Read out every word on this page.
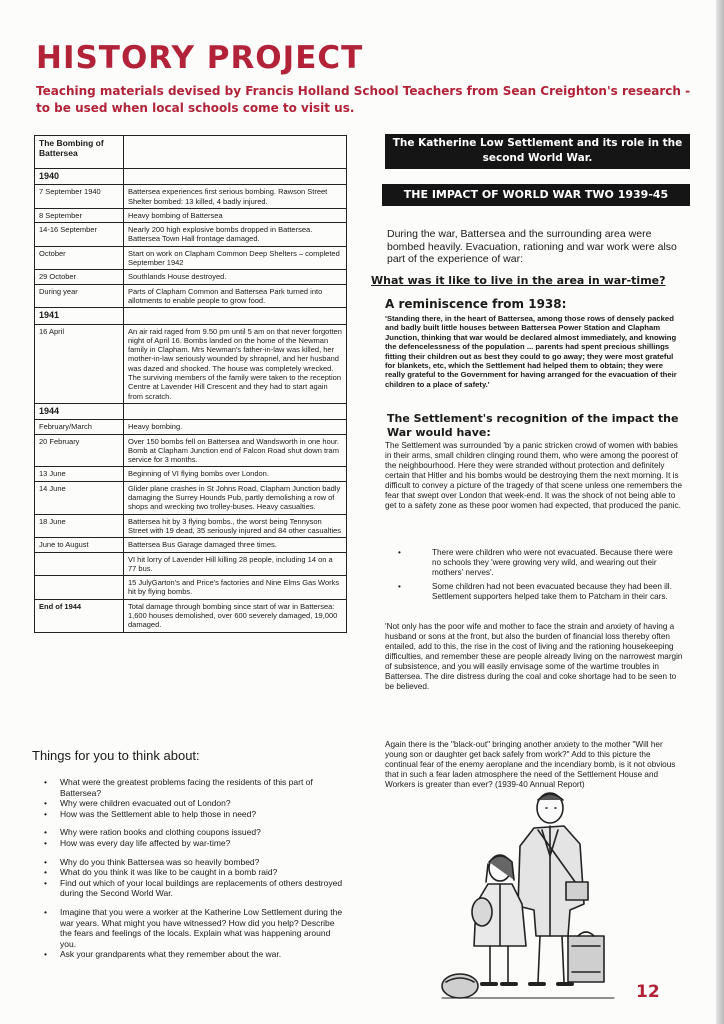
HISTORY PROJECT
Teaching materials devised by Francis Holland School Teachers from Sean Creighton's research - to be used when local schools come to visit us.
The Bombing of Battersea	
1940	
7 September 1940	Battersea experiences first serious bombing. Rawson Street Shelter bombed: 13 killed, 4 badly injured.
8 September	Heavy bombing of Battersea
14-16 September	Nearly 200 high explosive bombs dropped in Battersea. Battersea Town Hall frontage damaged.
October	Start on work on Clapham Common Deep Shelters – completed September 1942
29 October	Southlands House destroyed.
During year	Parts of Clapham Common and Battersea Park turned into allotments to enable people to grow food.
1941	
16 April	An air raid raged from 9.50 pm until 5 am on that never forgotten night of April 16. Bombs landed on the home of the Newman family in Clapham. Mrs Newman's father-in-law was killed, her mother-in-law seriously wounded by shrapnel, and her husband was dazed and shocked. The house was completely wrecked. The surviving members of the family were taken to the reception Centre at Lavender Hill Crescent and they had to start again from scratch.
1944	
February/March	Heavy bombing.
20 February	Over 150 bombs fell on Battersea and Wandsworth in one hour. Bomb at Clapham Junction end of Falcon Road shut down tram service for 3 months.
13 June	Beginning of VI flying bombs over London.
14 June	Glider plane crashes in St Johns Road, Clapham Junction badly damaging the Surrey Hounds Pub, partly demolishing a row of shops and wrecking two trolley-buses. Heavy casualties.
18 June	Battersea hit by 3 flying bombs., the worst being Tennyson Street with 19 dead, 35 seriously injured and 84 other casualties
June to August	Battersea Bus Garage damaged three times.
	VI hit lorry of Lavender Hill killing 28 people, including 14 on a 77 bus.
	15 JulyGarton's and Price's factories and Nine Elms Gas Works hit by flying bombs.
End of 1944	Total damage through bombing since start of war in Battersea: 1,600 houses demolished, over 600 severely damaged, 19,000 damaged.
Things for you to think about:
• What were the greatest problems facing the residents of this part of Battersea?
• Why were children evacuated out of London?
• How was the Settlement able to help those in need?
• Why were ration books and clothing coupons issued?
• How was every day life affected by war-time?
• Why do you think Battersea was so heavily bombed?
• What do you think it was like to be caught in a bomb raid?
• Find out which of your local buildings are replacements of others destroyed during the Second World War.
• Imagine that you were a worker at the Katherine Low Settlement during the war years. What might you have witnessed? How did you help? Describe the fears and feelings of the locals. Explain what was happening around you.
• Ask your grandparents what they remember about the war.
The Katherine Low Settlement and its role in the second World War.
THE IMPACT OF WORLD WAR TWO 1939-45
During the war, Battersea and the surrounding area were bombed heavily. Evacuation, rationing and war work were also part of the experience of war:
What was it like to live in the area in war-time?
A reminiscence from 1938:
'Standing there, in the heart of Battersea, among those rows of densely packed and badly built little houses between Battersea Power Station and Clapham Junction, thinking that war would be declared almost immediately, and knowing the defencelessness of the population ... parents had spent precious shillings fitting their children out as best they could to go away; they were most grateful for blankets, etc, which the Settlement had helped them to obtain; they were really grateful to the Government for having arranged for the evacuation of their children to a place of safety.'
The Settlement's recognition of the impact the War would have:
The Settlement was surrounded 'by a panic stricken crowd of women with babies in their arms, small children clinging round them, who were among the poorest of the neighbourhood. Here they were stranded without protection and definitely certain that Hitler and his bombs would be destroying them the next morning. It is difficult to convey a picture of the tragedy of that scene unless one remembers the fear that swept over London that week-end. It was the shock of not being able to get to a safety zone as these poor women had expected, that produced the panic.
• There were children who were not evacuated. Because there were no schools they 'were growing very wild, and wearing out their mothers' nerves'.
• Some children had not been evacuated because they had been ill. Settlement supporters helped take them to Patcham in their cars.
'Not only has the poor wife and mother to face the strain and anxiety of having a husband or sons at the front, but also the burden of financial loss thereby often entailed, add to this, the rise in the cost of living and the rationing housekeeping difficulties, and remember these are people already living on the narrowest margin of subsistence, and you will easily envisage some of the wartime troubles in Battersea. The dire distress during the coal and coke shortage had to be seen to be believed.
Again there is the "black-out" bringing another anxiety to the mother "Will her young son or daughter get back safely from work?" Add to this picture the continual fear of the enemy aeroplane and the incendiary bomb, is it not obvious that in such a fear laden atmosphere the need of the Settlement House and Workers is greater than ever? (1939-40 Annual Report)
12
